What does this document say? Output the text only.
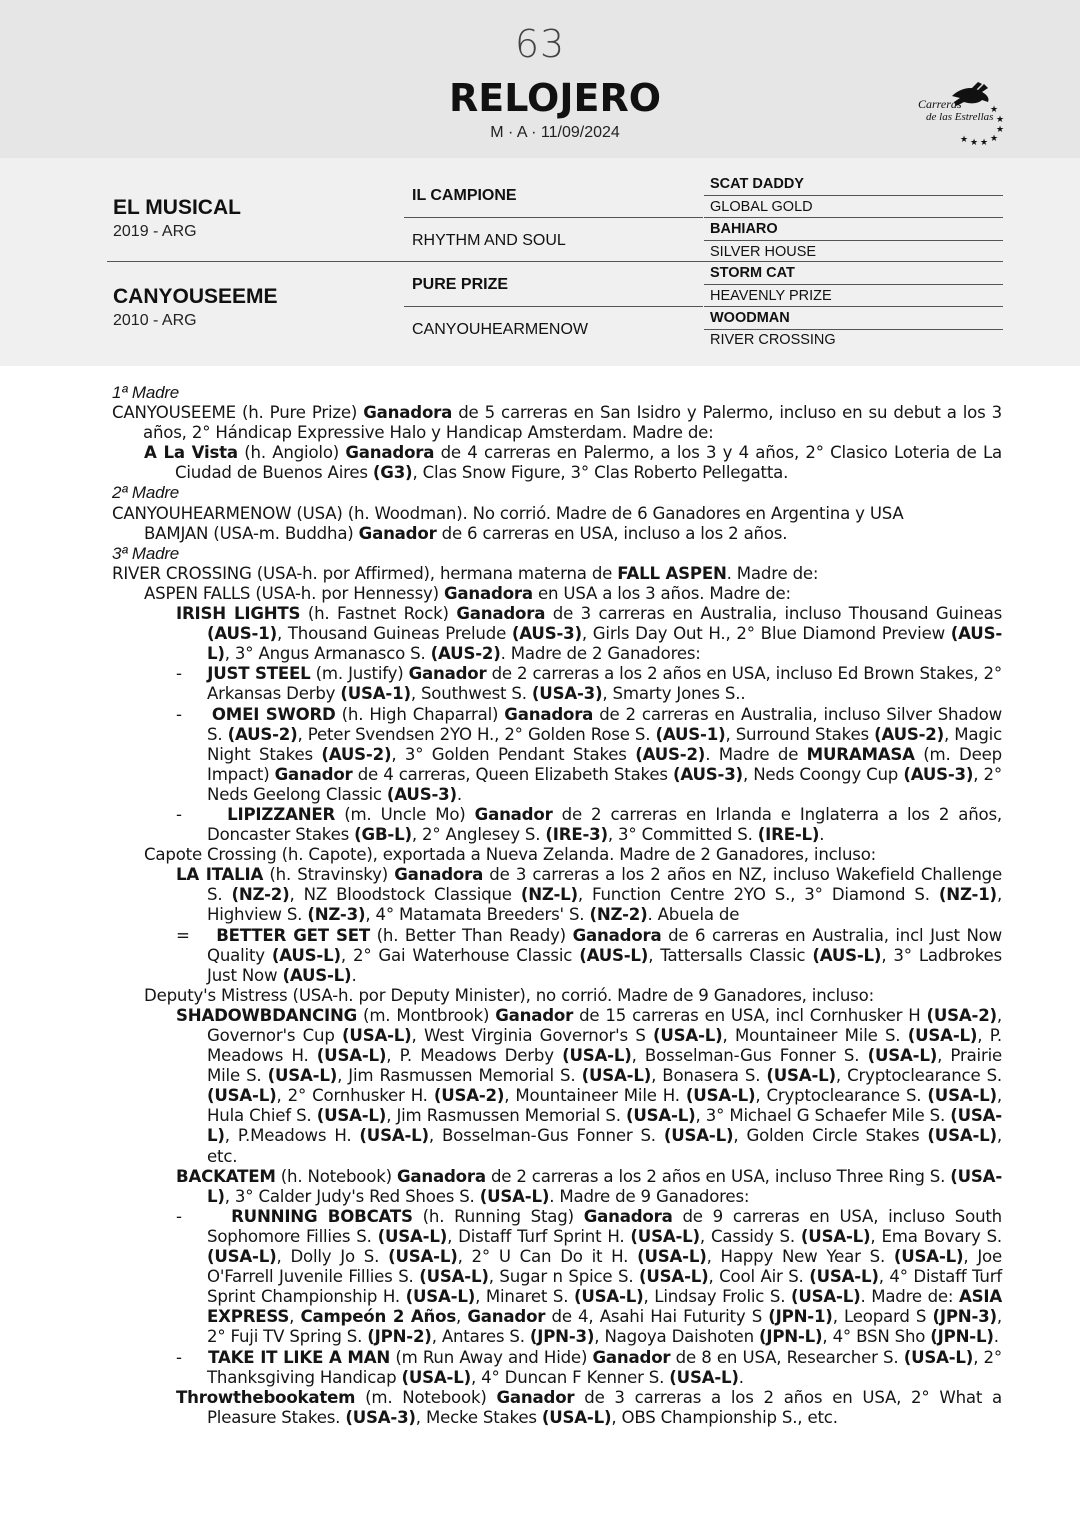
63
RELOJERO
M · A · 11/09/2024
Carreras
de las Estrellas
★
★
★
★
★
★
★
EL MUSICAL
2019 - ARG
CANYOUSEEME
2010 - ARG
IL CAMPIONE
RHYTHM AND SOUL
PURE PRIZE
CANYOUHEARMENOW
SCAT DADDY
GLOBAL GOLD
BAHIARO
SILVER HOUSE
STORM CAT
HEAVENLY PRIZE
WOODMAN
RIVER CROSSING

1ª Madre

CANYOUSEEME (h. Pure Prize) Ganadora de 5 carreras en San Isidro y Palermo, incluso en su debut a los 3 años, 2° Hándicap Expressive Halo y Handicap Amsterdam. Madre de:

A La Vista (h. Angiolo) Ganadora de 4 carreras en Palermo, a los 3 y 4 años, 2° Clasico Loteria de La Ciudad de Buenos Aires (G3), Clas Snow Figure, 3° Clas Roberto Pellegatta.

2ª Madre

CANYOUHEARMENOW (USA) (h. Woodman). No corrió. Madre de 6 Ganadores en Argentina y USA

BAMJAN (USA-m. Buddha) Ganador de 6 carreras en USA, incluso a los 2 años.

3ª Madre

RIVER CROSSING (USA-h. por Affirmed), hermana materna de FALL ASPEN. Madre de:

ASPEN FALLS (USA-h. por Hennessy) Ganadora en USA a los 3 años. Madre de:

IRISH LIGHTS (h. Fastnet Rock) Ganadora de 3 carreras en Australia, incluso Thousand Guineas (AUS-1), Thousand Guineas Prelude (AUS-3), Girls Day Out H., 2° Blue Diamond Preview (AUS-L), 3° Angus Armanasco S. (AUS-2). Madre de 2 Ganadores:

-     JUST STEEL (m. Justify) Ganador de 2 carreras a los 2 años en USA, incluso Ed Brown Stakes, 2° Arkansas Derby (USA-1), Southwest S. (USA-3), Smarty Jones S..

-     OMEI SWORD (h. High Chaparral) Ganadora de 2 carreras en Australia, incluso Silver Shadow S. (AUS-2), Peter Svendsen 2YO H., 2° Golden Rose S. (AUS-1), Surround Stakes (AUS-2), Magic Night Stakes (AUS-2), 3° Golden Pendant Stakes (AUS-2). Madre de MURAMASA (m. Deep Impact) Ganador de 4 carreras, Queen Elizabeth Stakes (AUS-3), Neds Coongy Cup (AUS-3), 2° Neds Geelong Classic (AUS-3).

-     LIPIZZANER (m. Uncle Mo) Ganador de 2 carreras en Irlanda e Inglaterra a los 2 años, Doncaster Stakes (GB-L), 2° Anglesey S. (IRE-3), 3° Committed S. (IRE-L).

Capote Crossing (h. Capote), exportada a Nueva Zelanda. Madre de 2 Ganadores, incluso:

LA ITALIA (h. Stravinsky) Ganadora de 3 carreras a los 2 años en NZ, incluso Wakefield Challenge S. (NZ-2), NZ Bloodstock Classique (NZ-L), Function Centre 2YO S., 3° Diamond S. (NZ-1), Highview S. (NZ-3), 4° Matamata Breeders' S. (NZ-2). Abuela de

=    BETTER GET SET (h. Better Than Ready) Ganadora de 6 carreras en Australia, incl Just Now Quality (AUS-L), 2° Gai Waterhouse Classic (AUS-L), Tattersalls Classic (AUS-L), 3° Ladbrokes Just Now (AUS-L).

Deputy's Mistress (USA-h. por Deputy Minister), no corrió. Madre de 9 Ganadores, incluso:

SHADOWBDANCING (m. Montbrook) Ganador de 15 carreras en USA, incl Cornhusker H (USA-2), Governor's Cup (USA-L), West Virginia Governor's S (USA-L), Mountaineer Mile S. (USA-L), P. Meadows H. (USA-L), P. Meadows Derby (USA-L), Bosselman-Gus Fonner S. (USA-L), Prairie Mile S. (USA-L), Jim Rasmussen Memorial S. (USA-L), Bonasera S. (USA-L), Cryptoclearance S. (USA-L), 2° Cornhusker H. (USA-2), Mountaineer Mile H. (USA-L), Cryptoclearance S. (USA-L), Hula Chief S. (USA-L), Jim Rasmussen Memorial S. (USA-L), 3° Michael G Schaefer Mile S. (USA-L), P.Meadows H. (USA-L), Bosselman-Gus Fonner S. (USA-L), Golden Circle Stakes (USA-L), etc.

BACKATEM (h. Notebook) Ganadora de 2 carreras a los 2 años en USA, incluso Three Ring S. (USA-L), 3° Calder Judy's Red Shoes S. (USA-L). Madre de 9 Ganadores:

-     RUNNING BOBCATS (h. Running Stag) Ganadora de 9 carreras en USA, incluso South Sophomore Fillies S. (USA-L), Distaff Turf Sprint H. (USA-L), Cassidy S. (USA-L), Ema Bovary S. (USA-L), Dolly Jo S. (USA-L), 2° U Can Do it H. (USA-L), Happy New Year S. (USA-L), Joe O'Farrell Juvenile Fillies S. (USA-L), Sugar n Spice S. (USA-L), Cool Air S. (USA-L), 4° Distaff Turf Sprint Championship H. (USA-L), Minaret S. (USA-L), Lindsay Frolic S. (USA-L). Madre de: ASIA EXPRESS, Campeón 2 Años, Ganador de 4, Asahi Hai Futurity S (JPN-1), Leopard S (JPN-3), 2° Fuji TV Spring S. (JPN-2), Antares S. (JPN-3), Nagoya Daishoten (JPN-L), 4° BSN Sho (JPN-L).

-     TAKE IT LIKE A MAN (m Run Away and Hide) Ganador de 8 en USA, Researcher S. (USA-L), 2° Thanksgiving Handicap (USA-L), 4° Duncan F Kenner S. (USA-L).

Throwthebookatem (m. Notebook) Ganador de 3 carreras a los 2 años en USA, 2° What a Pleasure Stakes. (USA-3), Mecke Stakes (USA-L), OBS Championship S., etc.
